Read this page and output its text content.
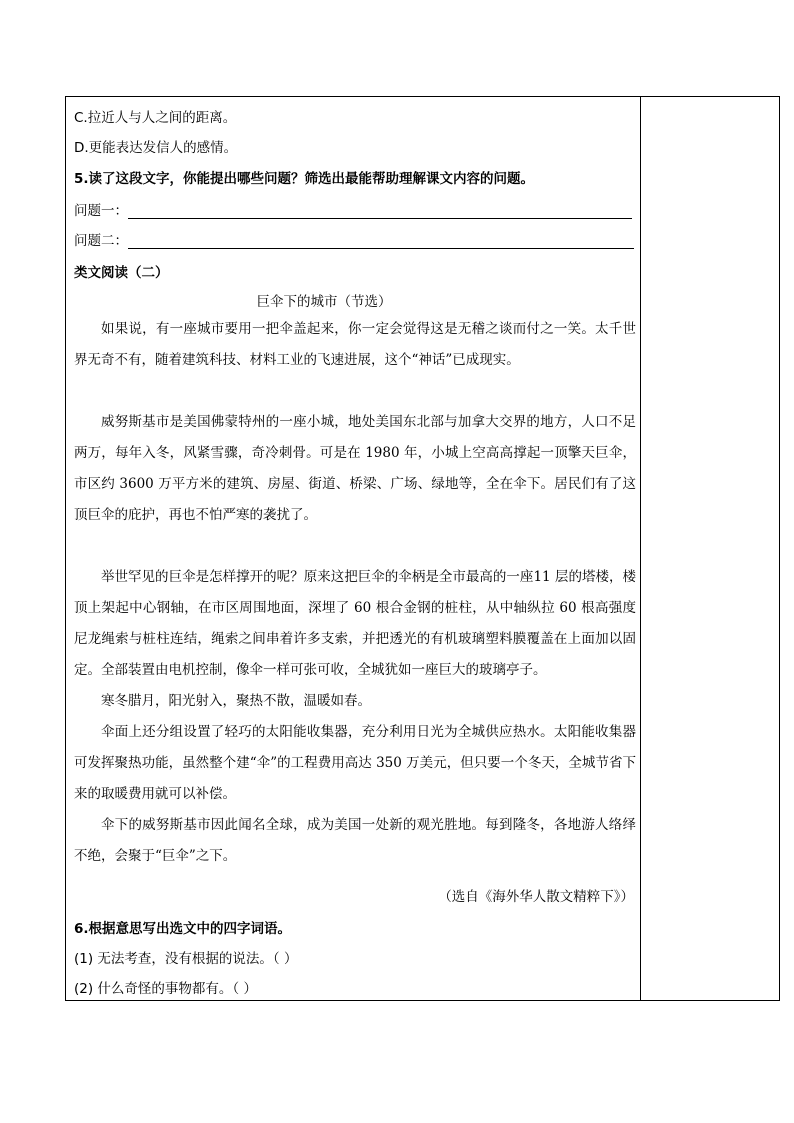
C.拉近人与人之间的距离。
D.更能表达发信人的感情。
5.读了这段文字，你能提出哪些问题？筛选出最能帮助理解课文内容的问题。
问题一：
问题二：
类文阅读（二）
巨伞下的城市（节选）
如果说，有一座城市要用一把伞盖起来，你一定会觉得这是无稽之谈而付之一笑。太千世界无奇不有，随着建筑科技、材料工业的飞速进展，这个“神话”已成现实。
威努斯基市是美国佛蒙特州的一座小城，地处美国东北部与加拿大交界的地方，人口不足两万，每年入冬，风紧雪骤，奇冷刺骨。可是在 1980 年，小城上空高高撑起一顶擎天巨伞，市区约 3600 万平方米的建筑、房屋、街道、桥梁、广场、绿地等，全在伞下。居民们有了这顶巨伞的庇护，再也不怕严寒的袭扰了。
举世罕见的巨伞是怎样撑开的呢？原来这把巨伞的伞柄是全市最高的一座11 层的塔楼，楼顶上架起中心钢轴，在市区周围地面，深埋了 60 根合金钢的桩柱，从中轴纵拉 60 根高强度尼龙绳索与桩柱连结，绳索之间串着许多支索，并把透光的有机玻璃塑料膜覆盖在上面加以固定。全部装置由电机控制，像伞一样可张可收，全城犹如一座巨大的玻璃亭子。
寒冬腊月，阳光射入，聚热不散，温暖如春。
伞面上还分组设置了轻巧的太阳能收集器，充分利用日光为全城供应热水。太阳能收集器可发挥聚热功能，虽然整个建“伞”的工程费用高达 350 万美元，但只要一个冬天，全城节省下来的取暖费用就可以补偿。
伞下的威努斯基市因此闻名全球，成为美国一处新的观光胜地。每到隆冬，各地游人络绎不绝，会聚于“巨伞”之下。
（选自《海外华人散文精粹下》）
6.根据意思写出选文中的四字词语。
(1) 无法考查，没有根据的说法。（ ）
(2) 什么奇怪的事物都有。（ ）
